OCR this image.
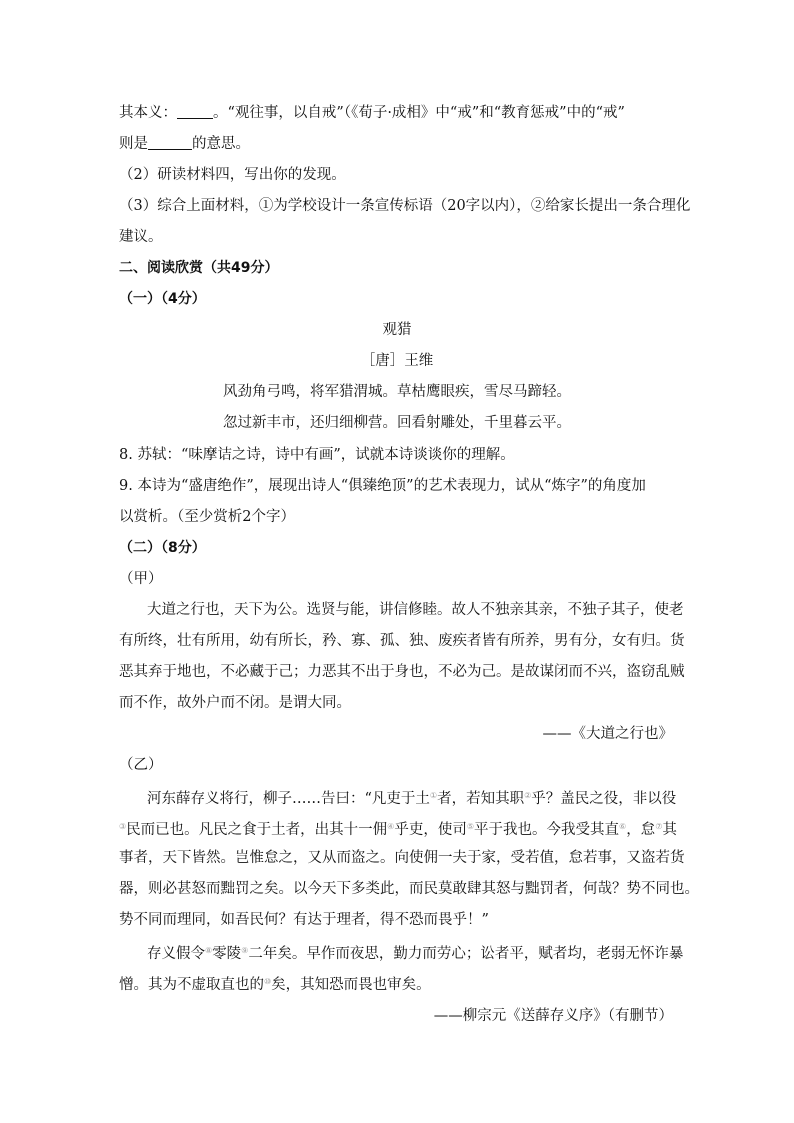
其本义： 。“观往事，以自戒”（《荀子·成相》中“戒”和“教育惩戒”中的“戒”
则是	的意思。
（2）研读材料四，写出你的发现。
（3）综合上面材料，①为学校设计一条宣传标语（20字以内），②给家长提出一条合理化
建议。
二、阅读欣赏（共49分）
（一）（4分）
观猎
［唐］王维
风劲角弓鸣，将军猎渭城。草枯鹰眼疾，雪尽马蹄轻。
忽过新丰市，还归细柳营。回看射雕处，千里暮云平。
8. 苏轼：“味摩诘之诗，诗中有画”，试就本诗谈谈你的理解。
9. 本诗为“盛唐绝作”，展现出诗人“俱臻绝顶”的艺术表现力，试从“炼字”的角度加
以赏析。（至少赏析2个字）
（二）（8分）
（甲）
大道之行也，天下为公。选贤与能，讲信修睦。故人不独亲其亲，不独子其子，使老
有所终，壮有所用，幼有所长，矜、寡、孤、独、废疾者皆有所养，男有分，女有归。货
恶其弃于地也，不必藏于己；力恶其不出于身也，不必为己。是故谋闭而不兴，盗窃乱贼
而不作，故外户而不闭。是谓大同。
——《大道之行也》
（乙）
河东薛存义将行，柳子……告曰：“凡吏于土①者，若知其职②乎？盖民之役，非以役
③民而已也。凡民之食于土者，出其十一佣④乎吏，使司⑤平于我也。今我受其直⑥，怠⑦其
事者，天下皆然。岂惟怠之，又从而盗之。向使佣一夫于家，受若值，怠若事，又盗若货
器，则必甚怒而黜罚之矣。以今天下多类此，而民莫敢肆其怒与黜罚者，何哉？势不同也。
势不同而理同，如吾民何？有达于理者，得不恐而畏乎！”
存义假令⑧零陵⑨二年矣。早作而夜思，勤力而劳心；讼者平，赋者均，老弱无怀诈暴
憎。其为不虚取直也的⑩矣，其知恐而畏也审矣。
——柳宗元《送薛存义序》（有删节）
